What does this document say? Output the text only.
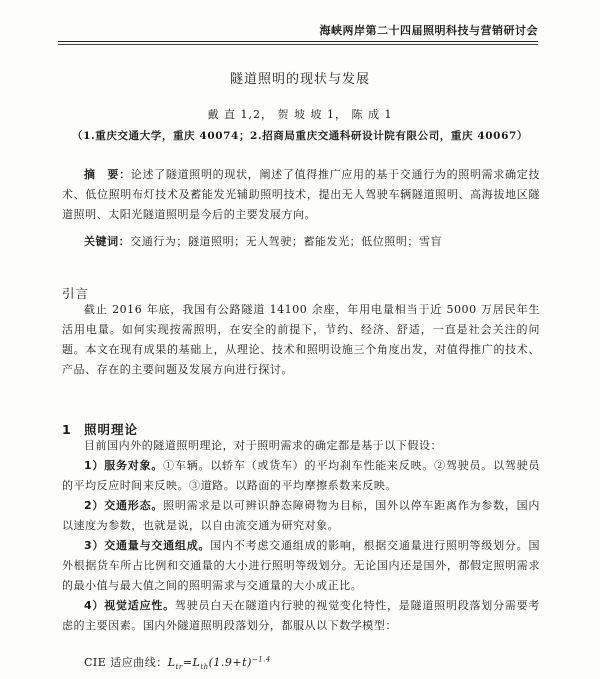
海峡两岸第二十四届照明科技与营销研讨会
隧道照明的现状与发展
戴 直 1,2， 贺 坡 坡 1， 陈 成 1
（1.重庆交通大学，重庆 40074；2.招商局重庆交通科研设计院有限公司，重庆 40067）
摘　要：论述了隧道照明的现状，阐述了值得推广应用的基于交通行为的照明需求确定技术、低位照明布灯技术及蓄能发光辅助照明技术，提出无人驾驶车辆隧道照明、高海拔地区隧道照明、太阳光隧道照明是今后的主要发展方向。
关键词：交通行为；隧道照明；无人驾驶；蓄能发光；低位照明；雪盲
引言
截止 2016 年底，我国有公路隧道 14100 余座，年用电量相当于近 5000 万居民年生活用电量。如何实现按需照明，在安全的前提下，节约、经济、舒适，一直是社会关注的问题。本文在现有成果的基础上，从理论、技术和照明设施三个角度出发，对值得推广的技术、产品、存在的主要问题及发展方向进行探讨。
1 照明理论

目前国内外的隧道照明理论，对于照明需求的确定都是基于以下假设：

1）服务对象。①车辆。以轿车（或货车）的平均刹车性能来反映。②驾驶员。以驾驶员的平均反应时间来反映。③道路。以路面的平均摩擦系数来反映。

2）交通形态。照明需求是以可辨识静态障碍物为目标，国外以停车距离作为参数，国内以速度为参数，也就是说，以自由流交通为研究对象。

3）交通量与交通组成。国内不考虑交通组成的影响，根据交通量进行照明等级划分。国外根据货车所占比例和交通量的大小进行照明等级划分。无论国内还是国外，都假定照明需求的最小值与最大值之间的照明需求与交通量的大小成正比。

4）视觉适应性。驾驶员白天在隧道内行驶的视觉变化特性，是隧道照明段落划分需要考虑的主要因素。国内外隧道照明段落划分，都服从以下数学模型：

CIE 适应曲线：$L_{tr}=L_{th}(1.9+t)^{-1.4}$
